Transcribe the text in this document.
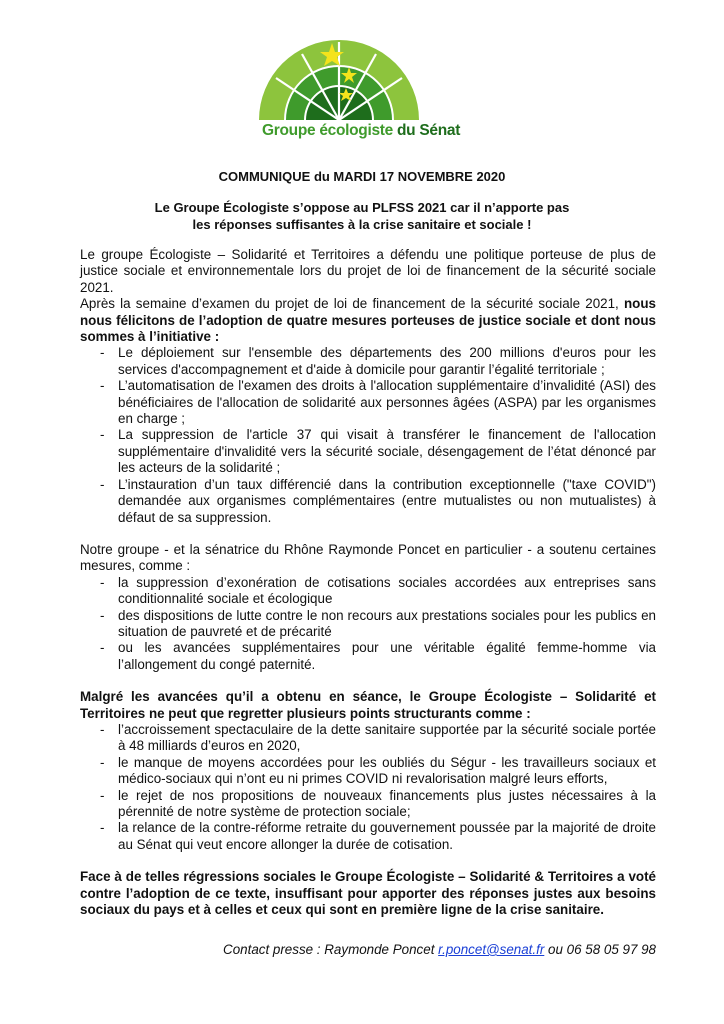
Groupe écologiste du Sénat
COMMUNIQUE du MARDI 17 NOVEMBRE 2020
Le Groupe Écologiste s’oppose au PLFSS 2021 car il n’apporte pas
les réponses suffisantes à la crise sanitaire et sociale !

Le groupe Écologiste – Solidarité et Territoires a défendu une politique porteuse de plus de justice sociale et environnementale lors du projet de loi de financement de la sécurité sociale 2021.

Après la semaine d’examen du projet de loi de financement de la sécurité sociale 2021, nous nous félicitons de l’adoption de quatre mesures porteuses de justice sociale et dont nous sommes à l’initiative :

- Le déploiement sur l'ensemble des départements des 200 millions d'euros pour les services d'accompagnement et d'aide à domicile pour garantir l’égalité territoriale ;
- L’automatisation de l'examen des droits à l'allocation supplémentaire d’invalidité (ASI) des bénéficiaires de l'allocation de solidarité aux personnes âgées (ASPA) par les organismes en charge ;
- La suppression de l'article 37 qui visait à transférer le financement de l'allocation supplémentaire d'invalidité vers la sécurité sociale, désengagement de l’état dénoncé par les acteurs de la solidarité ;
- L’instauration d’un taux différencié dans la contribution exceptionnelle ("taxe COVID") demandée aux organismes complémentaires (entre mutualistes ou non mutualistes) à défaut de sa suppression.

Notre groupe - et la sénatrice du Rhône Raymonde Poncet en particulier - a soutenu certaines mesures, comme :

- la suppression d’exonération de cotisations sociales accordées aux entreprises sans conditionnalité sociale et écologique
- des dispositions de lutte contre le non recours aux prestations sociales pour les publics en situation de pauvreté et de précarité
- ou les avancées supplémentaires pour une véritable égalité femme-homme via l’allongement du congé paternité.

Malgré les avancées qu’il a obtenu en séance, le Groupe Écologiste – Solidarité et Territoires ne peut que regretter plusieurs points structurants comme :

- l’accroissement spectaculaire de la dette sanitaire supportée par la sécurité sociale portée à 48 milliards d’euros en 2020,
- le manque de moyens accordées pour les oubliés du Ségur - les travailleurs sociaux et médico-sociaux qui n’ont eu ni primes COVID ni revalorisation malgré leurs efforts,
- le rejet de nos propositions de nouveaux financements plus justes nécessaires à la pérennité de notre système de protection sociale;
- la relance de la contre-réforme retraite du gouvernement poussée par la majorité de droite au Sénat qui veut encore allonger la durée de cotisation.

Face à de telles régressions sociales le Groupe Écologiste – Solidarité & Territoires a voté contre l’adoption de ce texte, insuffisant pour apporter des réponses justes aux besoins sociaux du pays et à celles et ceux qui sont en première ligne de la crise sanitaire.

Contact presse : Raymonde Poncet r.poncet@senat.fr ou 06 58 05 97 98
